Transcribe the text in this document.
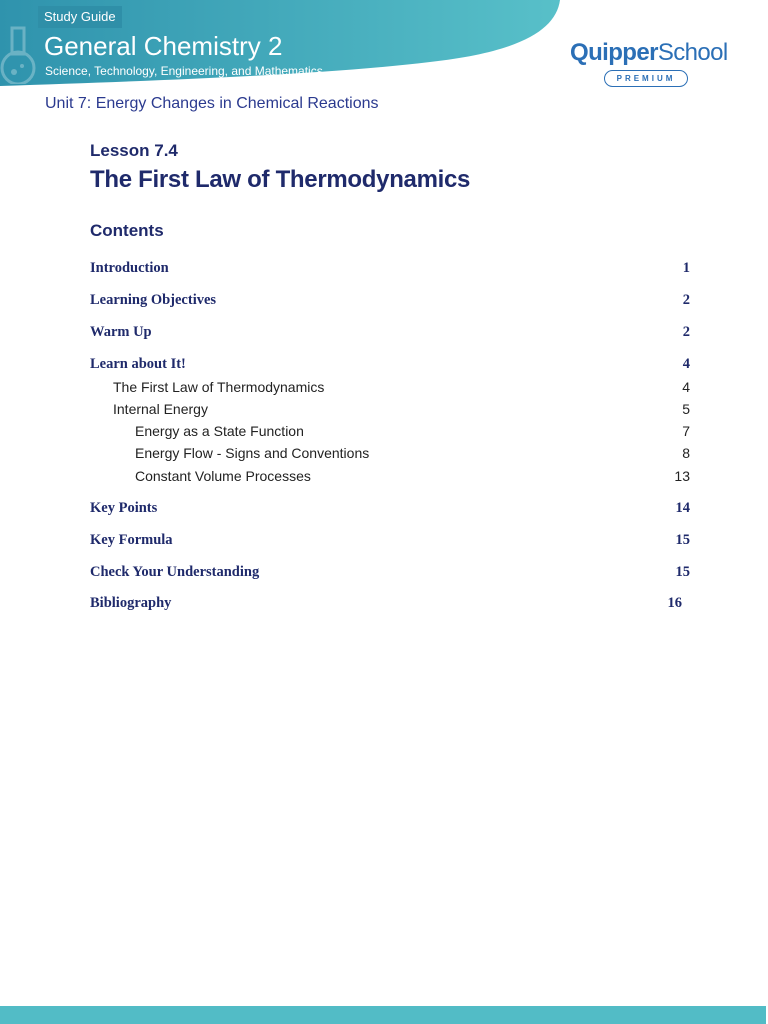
Study Guide
General Chemistry 2
Science, Technology, Engineering, and Mathematics
QuipperSchool
PREMIUM
Unit 7: Energy Changes in Chemical Reactions
Lesson 7.4
The First Law of Thermodynamics
Contents
Introduction	1
Learning Objectives	2
Warm Up	2
Learn about It!	4
The First Law of Thermodynamics	4
Internal Energy	5
Energy as a State Function	7
Energy Flow - Signs and Conventions	8
Constant Volume Processes	13
Key Points	14
Key Formula	15
Check Your Understanding	15
Bibliography	16
